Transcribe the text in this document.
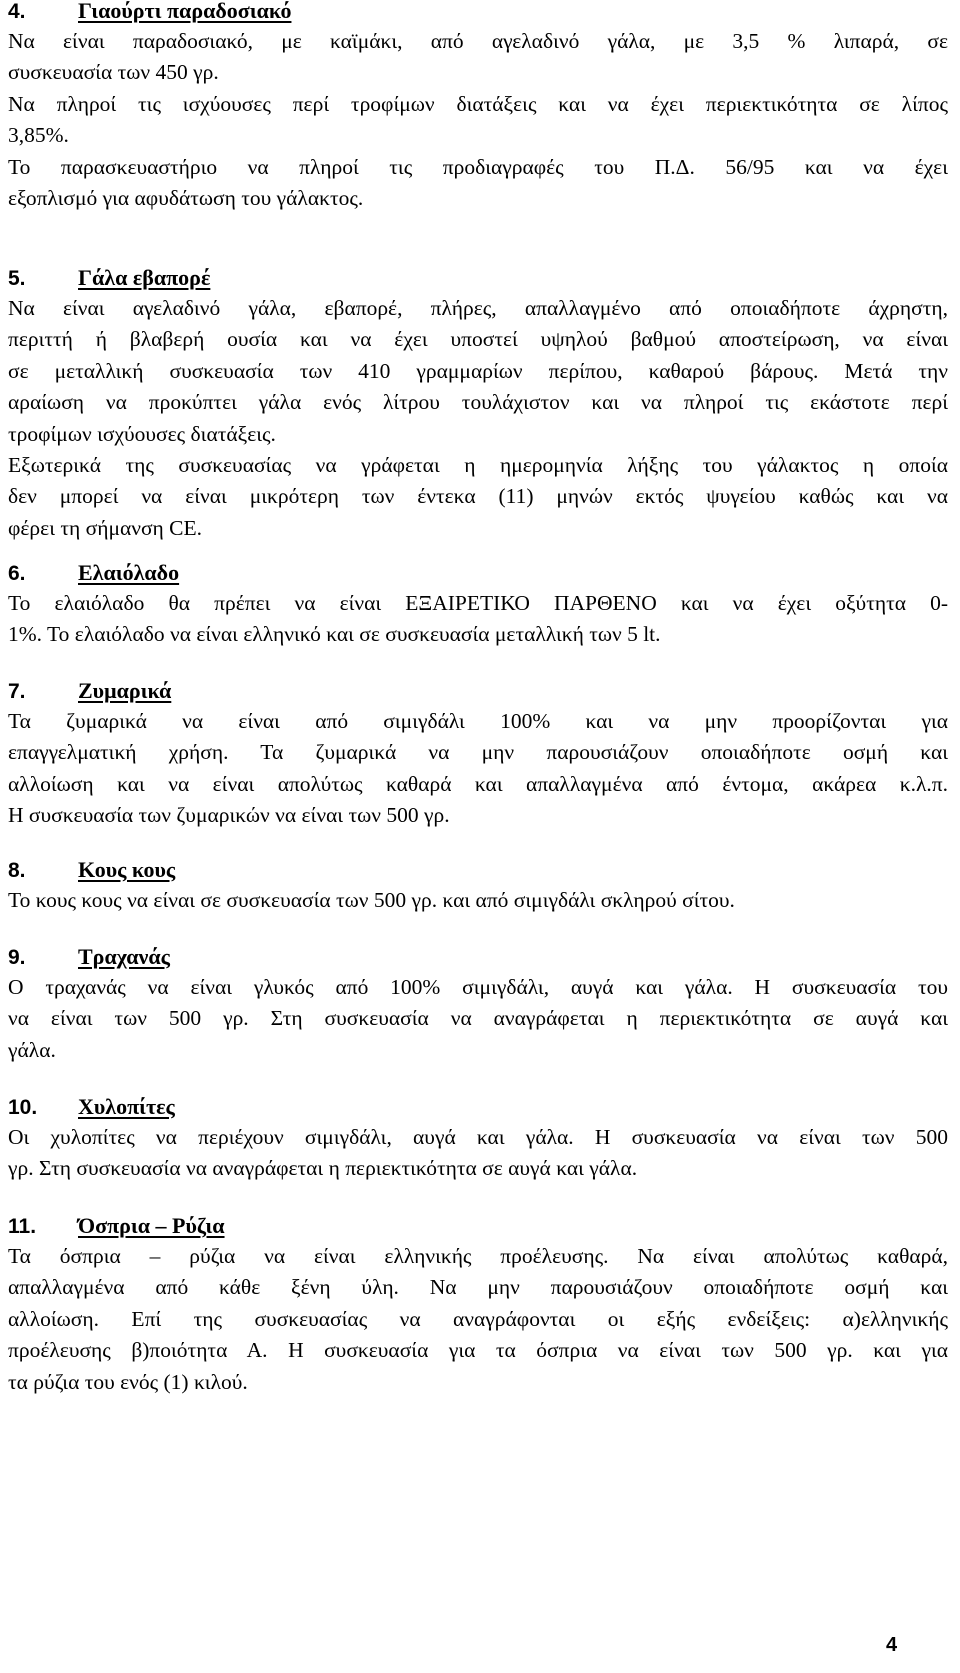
4. Γιαούρτι παραδοσιακό
Να είναι παραδοσιακό, με καϊμάκι, από αγελαδινό γάλα, με 3,5 % λιπαρά, σε
συσκευασία των 450 γρ.
Να πληροί τις ισχύουσες περί τροφίμων διατάξεις και να έχει περιεκτικότητα σε λίπος
3,85%.
Το παρασκευαστήριο να πληροί τις προδιαγραφές του Π.Δ. 56/95 και να έχει
εξοπλισμό για αφυδάτωση του γάλακτος.
5. Γάλα εβαπορέ
Να είναι αγελαδινό γάλα, εβαπορέ, πλήρες, απαλλαγμένο από οποιαδήποτε άχρηστη,
περιττή ή βλαβερή ουσία και να έχει υποστεί υψηλού βαθμού αποστείρωση, να είναι
σε μεταλλική συσκευασία των 410 γραμμαρίων περίπου, καθαρού βάρους. Μετά την
αραίωση να προκύπτει γάλα ενός λίτρου τουλάχιστον και να πληροί τις εκάστοτε περί
τροφίμων ισχύουσες διατάξεις.
Εξωτερικά της συσκευασίας να γράφεται η ημερομηνία λήξης του γάλακτος η οποία
δεν μπορεί να είναι μικρότερη των έντεκα (11) μηνών εκτός ψυγείου καθώς και να
φέρει τη σήμανση CE.
6. Ελαιόλαδο
Το ελαιόλαδο θα πρέπει να είναι ΕΞΑΙΡΕΤΙΚΟ ΠΑΡΘΕΝΟ και να έχει οξύτητα 0-
1%. Το ελαιόλαδο να είναι ελληνικό και σε συσκευασία μεταλλική των 5 lt.
7. Ζυμαρικά
Τα ζυμαρικά να είναι από σιμιγδάλι 100% και να μην προορίζονται για
επαγγελματική χρήση. Τα ζυμαρικά να μην παρουσιάζουν οποιαδήποτε οσμή και
αλλοίωση και να είναι απολύτως καθαρά και απαλλαγμένα από έντομα, ακάρεα κ.λ.π.
Η συσκευασία των ζυμαρικών να είναι των 500 γρ.
8. Κους κους
Το κους κους να είναι σε συσκευασία των 500 γρ. και από σιμιγδάλι σκληρού σίτου.
9. Τραχανάς
Ο τραχανάς να είναι γλυκός από 100% σιμιγδάλι, αυγά και γάλα. Η συσκευασία του
να είναι των 500 γρ. Στη συσκευασία να αναγράφεται η περιεκτικότητα σε αυγά και
γάλα.
10. Χυλοπίτες
Οι χυλοπίτες να περιέχουν σιμιγδάλι, αυγά και γάλα. Η συσκευασία να είναι των 500
γρ. Στη συσκευασία να αναγράφεται η περιεκτικότητα σε αυγά και γάλα.
11. Όσπρια – Ρύζια
Τα όσπρια – ρύζια να είναι ελληνικής προέλευσης. Να είναι απολύτως καθαρά,
απαλλαγμένα από κάθε ξένη ύλη. Να μην παρουσιάζουν οποιαδήποτε οσμή και
αλλοίωση. Επί της συσκευασίας να αναγράφονται οι εξής ενδείξεις: α)ελληνικής
προέλευσης β)ποιότητα Α. Η συσκευασία για τα όσπρια να είναι των 500 γρ. και για
τα ρύζια του ενός (1) κιλού.
4
